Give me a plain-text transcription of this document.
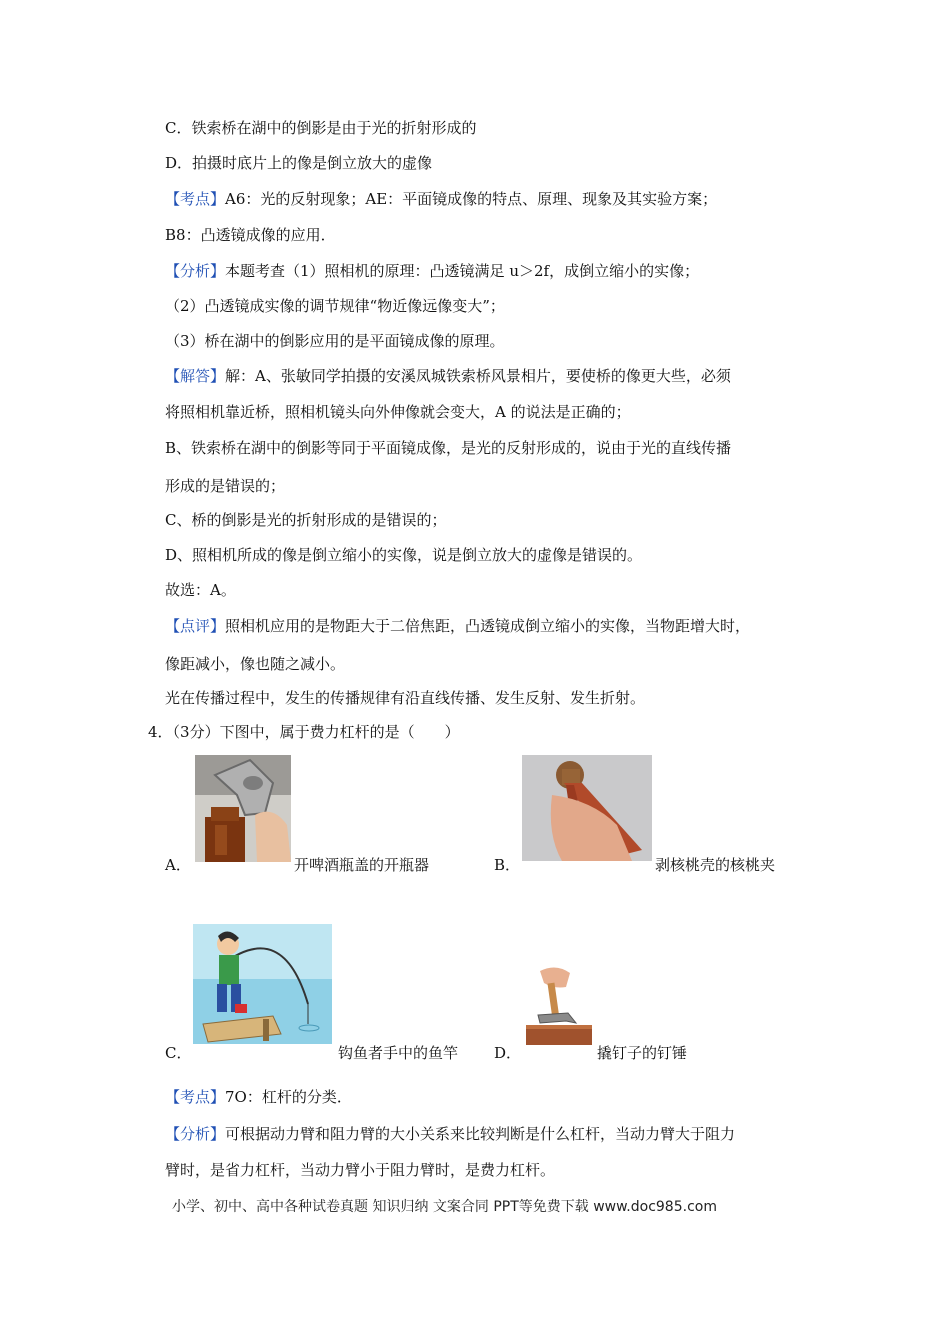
C．铁索桥在湖中的倒影是由于光的折射形成的
D．拍摄时底片上的像是倒立放大的虚像
【考点】A6：光的反射现象；AE：平面镜成像的特点、原理、现象及其实验方案；
B8：凸透镜成像的应用．
【分析】本题考查（1）照相机的原理：凸透镜满足 u＞2f，成倒立缩小的实像；
（2）凸透镜成实像的调节规律“物近像远像变大”；
（3）桥在湖中的倒影应用的是平面镜成像的原理。
【解答】解：A、张敏同学拍摄的安溪凤城铁索桥风景相片，要使桥的像更大些，必须
将照相机靠近桥，照相机镜头向外伸像就会变大，A 的说法是正确的；
B、铁索桥在湖中的倒影等同于平面镜成像，是光的反射形成的，说由于光的直线传播
形成的是错误的；
C、桥的倒影是光的折射形成的是错误的；
D、照相机所成的像是倒立缩小的实像，说是倒立放大的虚像是错误的。
故选：A。
【点评】照相机应用的是物距大于二倍焦距，凸透镜成倒立缩小的实像，当物距增大时，
像距减小，像也随之减小。
光在传播过程中，发生的传播规律有沿直线传播、发生反射、发生折射。
4．（3分）下图中，属于费力杠杆的是（　　）
A．	开啤酒瓶盖的开瓶器	B．	剥核桃壳的核桃夹
C．	钩鱼者手中的鱼竿 D．	撬钉子的钉锤
【考点】7O：杠杆的分类．
【分析】可根据动力臂和阻力臂的大小关系来比较判断是什么杠杆，当动力臂大于阻力
臂时，是省力杠杆，当动力臂小于阻力臂时，是费力杠杆。
小学、初中、高中各种试卷真题 知识归纳 文案合同 PPT等免费下载 www.doc985.com
